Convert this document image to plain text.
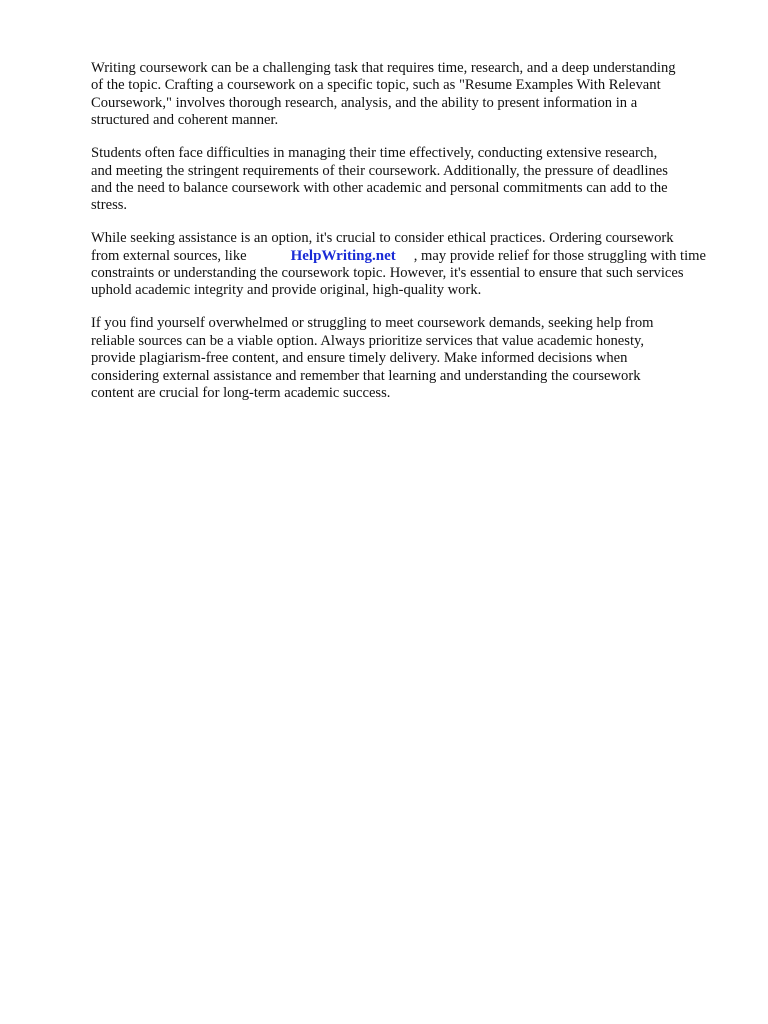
Writing coursework can be a challenging task that requires time, research, and a deep understanding
of the topic. Crafting a coursework on a specific topic, such as "Resume Examples With Relevant
Coursework," involves thorough research, analysis, and the ability to present information in a
structured and coherent manner.

Students often face difficulties in managing their time effectively, conducting extensive research,
and meeting the stringent requirements of their coursework. Additionally, the pressure of deadlines
and the need to balance coursework with other academic and personal commitments can add to the
stress.

While seeking assistance is an option, it's crucial to consider ethical practices. Ordering coursework
from external sources, like	HelpWriting.net , may provide relief for those struggling with time
constraints or understanding the coursework topic. However, it's essential to ensure that such services
uphold academic integrity and provide original, high-quality work.

If you find yourself overwhelmed or struggling to meet coursework demands, seeking help from
reliable sources can be a viable option. Always prioritize services that value academic honesty,
provide plagiarism-free content, and ensure timely delivery. Make informed decisions when
considering external assistance and remember that learning and understanding the coursework
content are crucial for long-term academic success.
